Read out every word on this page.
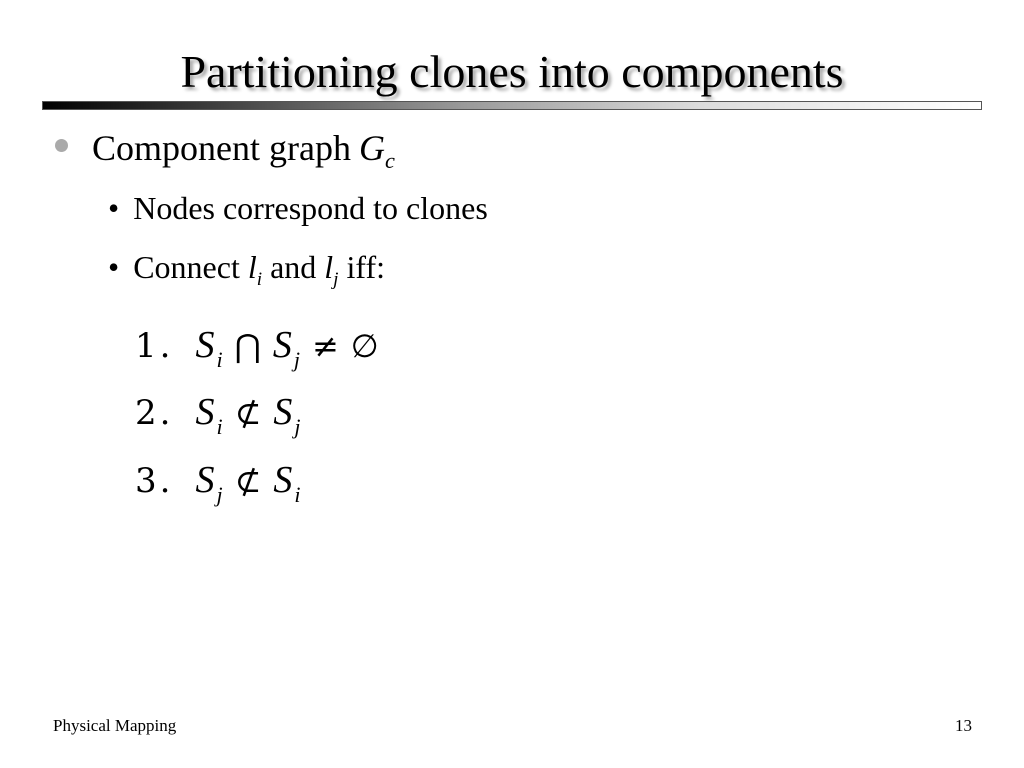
Partitioning clones into components
Component graph G c
• Nodes correspond to clones
• Connect l i and l j iff:
1. S i ⋂ S j ≠ ∅
2. S i ⊄ S j
3. S j ⊄ S i
Physical Mapping	13
